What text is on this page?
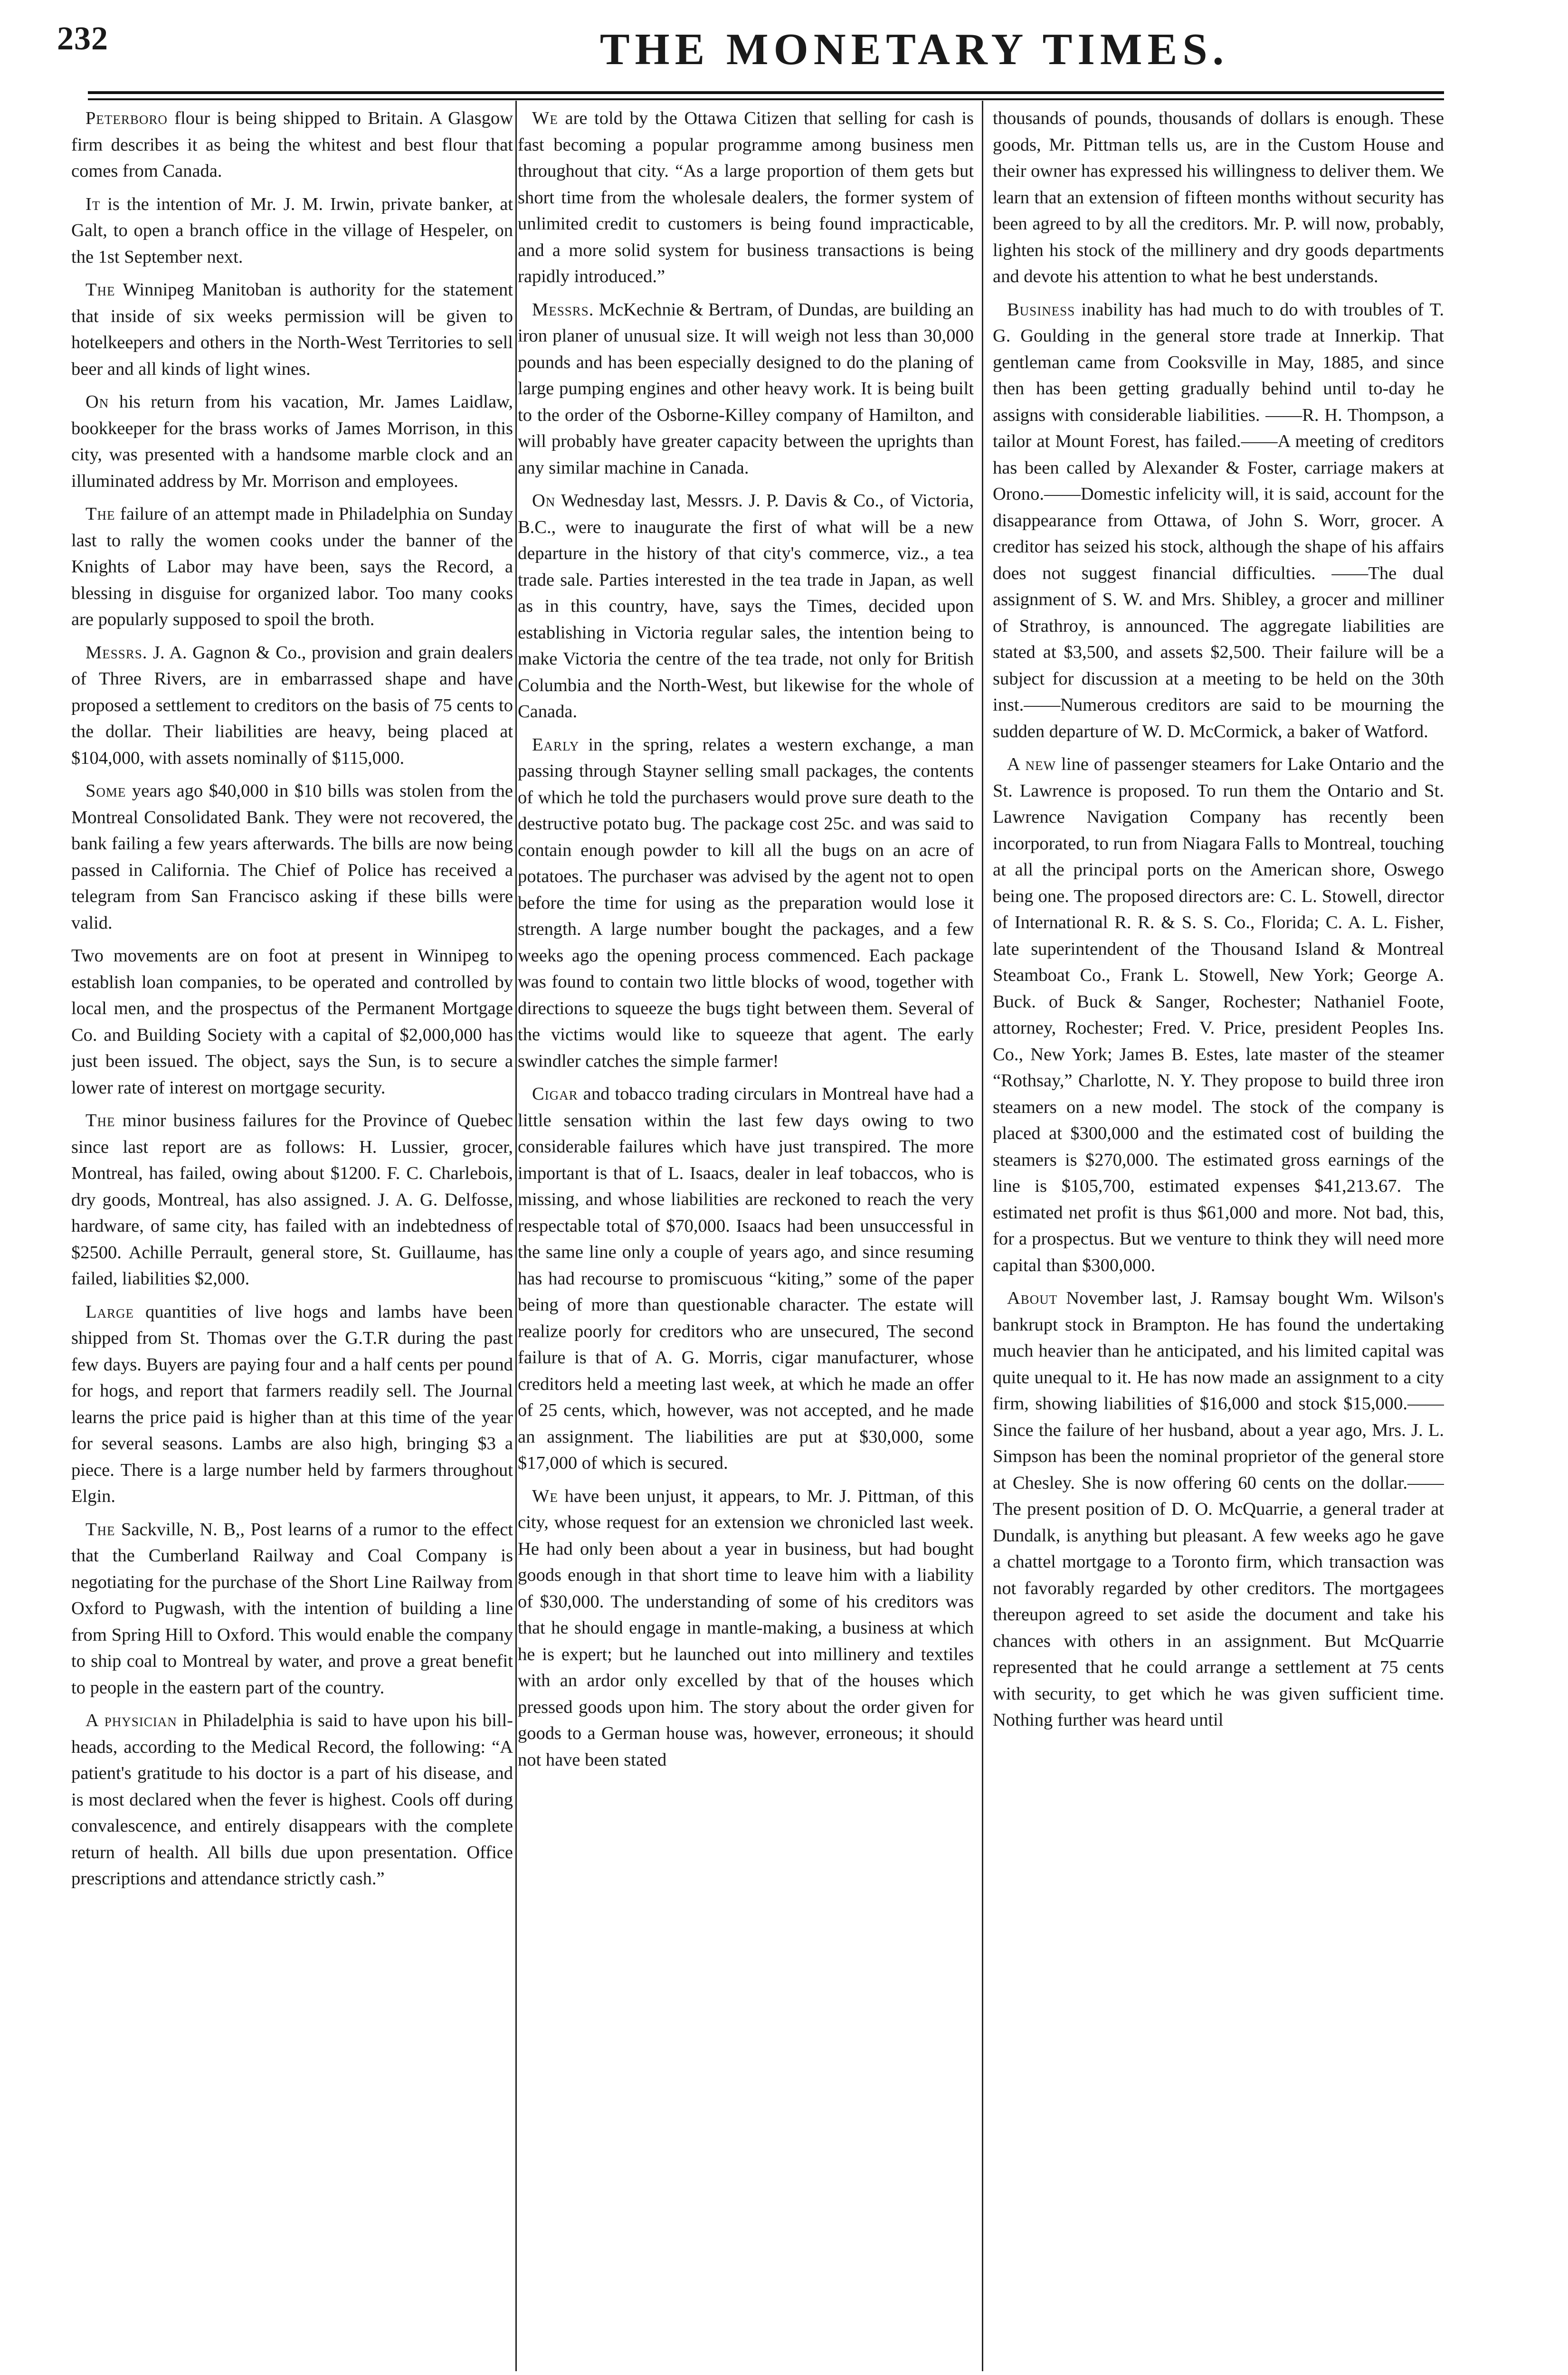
232	THE MONETARY TIMES.

Peterboro flour is being shipped to Britain. A Glasgow firm describes it as being the whitest and best flour that comes from Canada.

It is the intention of Mr. J. M. Irwin, private banker, at Galt, to open a branch office in the village of Hespeler, on the 1st September next.

The Winnipeg Manitoban is authority for the statement that inside of six weeks permission will be given to hotelkeepers and others in the North-West Territories to sell beer and all kinds of light wines.

On his return from his vacation, Mr. James Laidlaw, bookkeeper for the brass works of James Morrison, in this city, was presented with a handsome marble clock and an illuminated address by Mr. Morrison and employees.

The failure of an attempt made in Philadelphia on Sunday last to rally the women cooks under the banner of the Knights of Labor may have been, says the Record, a blessing in disguise for organized labor. Too many cooks are popularly supposed to spoil the broth.

Messrs. J. A. Gagnon & Co., provision and grain dealers of Three Rivers, are in embarrassed shape and have proposed a settlement to creditors on the basis of 75 cents to the dollar. Their liabilities are heavy, being placed at $104,000, with assets nominally of $115,000.

Some years ago $40,000 in $10 bills was stolen from the Montreal Consolidated Bank. They were not recovered, the bank failing a few years afterwards. The bills are now being passed in California. The Chief of Police has received a telegram from San Francisco asking if these bills were valid.

Two movements are on foot at present in Winnipeg to establish loan companies, to be operated and controlled by local men, and the prospectus of the Permanent Mortgage Co. and Building Society with a capital of $2,000,000 has just been issued. The object, says the Sun, is to secure a lower rate of interest on mortgage security.

The minor business failures for the Province of Quebec since last report are as follows: H. Lussier, grocer, Montreal, has failed, owing about $1200. F. C. Charlebois, dry goods, Montreal, has also assigned. J. A. G. Delfosse, hardware, of same city, has failed with an indebtedness of $2500. Achille Perrault, general store, St. Guillaume, has failed, liabilities $2,000.

Large quantities of live hogs and lambs have been shipped from St. Thomas over the G.T.R during the past few days. Buyers are paying four and a half cents per pound for hogs, and report that farmers readily sell. The Journal learns the price paid is higher than at this time of the year for several seasons. Lambs are also high, bringing $3 a piece. There is a large number held by farmers throughout Elgin.

The Sackville, N. B,, Post learns of a rumor to the effect that the Cumberland Railway and Coal Company is negotiating for the purchase of the Short Line Railway from Oxford to Pugwash, with the intention of building a line from Spring Hill to Oxford. This would enable the company to ship coal to Montreal by water, and prove a great benefit to people in the eastern part of the country.

A physician in Philadelphia is said to have upon his bill-heads, according to the Medical Record, the following: “A patient's gratitude to his doctor is a part of his disease, and is most declared when the fever is highest. Cools off during convalescence, and entirely disappears with the complete return of health. All bills due upon presentation. Office prescriptions and attendance strictly cash.”

We are told by the Ottawa Citizen that selling for cash is fast becoming a popular programme among business men throughout that city. “As a large proportion of them gets but short time from the wholesale dealers, the former system of unlimited credit to customers is being found impracticable, and a more solid system for business transactions is being rapidly introduced.”

Messrs. McKechnie & Bertram, of Dundas, are building an iron planer of unusual size. It will weigh not less than 30,000 pounds and has been especially designed to do the planing of large pumping engines and other heavy work. It is being built to the order of the Osborne-Killey company of Hamilton, and will probably have greater capacity between the uprights than any similar machine in Canada.

On Wednesday last, Messrs. J. P. Davis & Co., of Victoria, B.C., were to inaugurate the first of what will be a new departure in the history of that city's commerce, viz., a tea trade sale. Parties interested in the tea trade in Japan, as well as in this country, have, says the Times, decided upon establishing in Victoria regular sales, the intention being to make Victoria the centre of the tea trade, not only for British Columbia and the North-West, but likewise for the whole of Canada.

Early in the spring, relates a western exchange, a man passing through Stayner selling small packages, the contents of which he told the purchasers would prove sure death to the destructive potato bug. The package cost 25c. and was said to contain enough powder to kill all the bugs on an acre of potatoes. The purchaser was advised by the agent not to open before the time for using as the preparation would lose it strength. A large number bought the packages, and a few weeks ago the opening process commenced. Each package was found to contain two little blocks of wood, together with directions to squeeze the bugs tight between them. Several of the victims would like to squeeze that agent. The early swindler catches the simple farmer!

Cigar and tobacco trading circulars in Montreal have had a little sensation within the last few days owing to two considerable failures which have just transpired. The more important is that of L. Isaacs, dealer in leaf tobaccos, who is missing, and whose liabilities are reckoned to reach the very respectable total of $70,000. Isaacs had been unsuccessful in the same line only a couple of years ago, and since resuming has had recourse to promiscuous “kiting,” some of the paper being of more than questionable character. The estate will realize poorly for creditors who are unsecured, The second failure is that of A. G. Morris, cigar manufacturer, whose creditors held a meeting last week, at which he made an offer of 25 cents, which, however, was not accepted, and he made an assignment. The liabilities are put at $30,000, some $17,000 of which is secured.

We have been unjust, it appears, to Mr. J. Pittman, of this city, whose request for an extension we chronicled last week. He had only been about a year in business, but had bought goods enough in that short time to leave him with a liability of $30,000. The understanding of some of his creditors was that he should engage in mantle-making, a business at which he is expert; but he launched out into millinery and textiles with an ardor only excelled by that of the houses which pressed goods upon him. The story about the order given for goods to a German house was, however, erroneous; it should not have been stated

thousands of pounds, thousands of dollars is enough. These goods, Mr. Pittman tells us, are in the Custom House and their owner has expressed his willingness to deliver them. We learn that an extension of fifteen months without security has been agreed to by all the creditors. Mr. P. will now, probably, lighten his stock of the millinery and dry goods departments and devote his attention to what he best understands.

Business inability has had much to do with troubles of T. G. Goulding in the general store trade at Innerkip. That gentleman came from Cooksville in May, 1885, and since then has been getting gradually behind until to-day he assigns with considerable liabilities. ——R. H. Thompson, a tailor at Mount Forest, has failed.——A meeting of creditors has been called by Alexander & Foster, carriage makers at Orono.——Domestic infelicity will, it is said, account for the disappearance from Ottawa, of John S. Worr, grocer. A creditor has seized his stock, although the shape of his affairs does not suggest financial difficulties. ——The dual assignment of S. W. and Mrs. Shibley, a grocer and milliner of Strathroy, is announced. The aggregate liabilities are stated at $3,500, and assets $2,500. Their failure will be a subject for discussion at a meeting to be held on the 30th inst.——Numerous creditors are said to be mourning the sudden departure of W. D. McCormick, a baker of Watford.

A new line of passenger steamers for Lake Ontario and the St. Lawrence is proposed. To run them the Ontario and St. Lawrence Navigation Company has recently been incorporated, to run from Niagara Falls to Montreal, touching at all the principal ports on the American shore, Oswego being one. The proposed directors are: C. L. Stowell, director of International R. R. & S. S. Co., Florida; C. A. L. Fisher, late superintendent of the Thousand Island & Montreal Steamboat Co., Frank L. Stowell, New York; George A. Buck. of Buck & Sanger, Rochester; Nathaniel Foote, attorney, Rochester; Fred. V. Price, president Peoples Ins. Co., New York; James B. Estes, late master of the steamer “Rothsay,” Charlotte, N. Y. They propose to build three iron steamers on a new model. The stock of the company is placed at $300,000 and the estimated cost of building the steamers is $270,000. The estimated gross earnings of the line is $105,700, estimated expenses $41,213.67. The estimated net profit is thus $61,000 and more. Not bad, this, for a prospectus. But we venture to think they will need more capital than $300,000.

About November last, J. Ramsay bought Wm. Wilson's bankrupt stock in Brampton. He has found the undertaking much heavier than he anticipated, and his limited capital was quite unequal to it. He has now made an assignment to a city firm, showing liabilities of $16,000 and stock $15,000.——Since the failure of her husband, about a year ago, Mrs. J. L. Simpson has been the nominal proprietor of the general store at Chesley. She is now offering 60 cents on the dollar.——The present position of D. O. McQuarrie, a general trader at Dundalk, is anything but pleasant. A few weeks ago he gave a chattel mortgage to a Toronto firm, which transaction was not favorably regarded by other creditors. The mortgagees thereupon agreed to set aside the document and take his chances with others in an assignment. But McQuarrie represented that he could arrange a settlement at 75 cents with security, to get which he was given sufficient time. Nothing further was heard until
